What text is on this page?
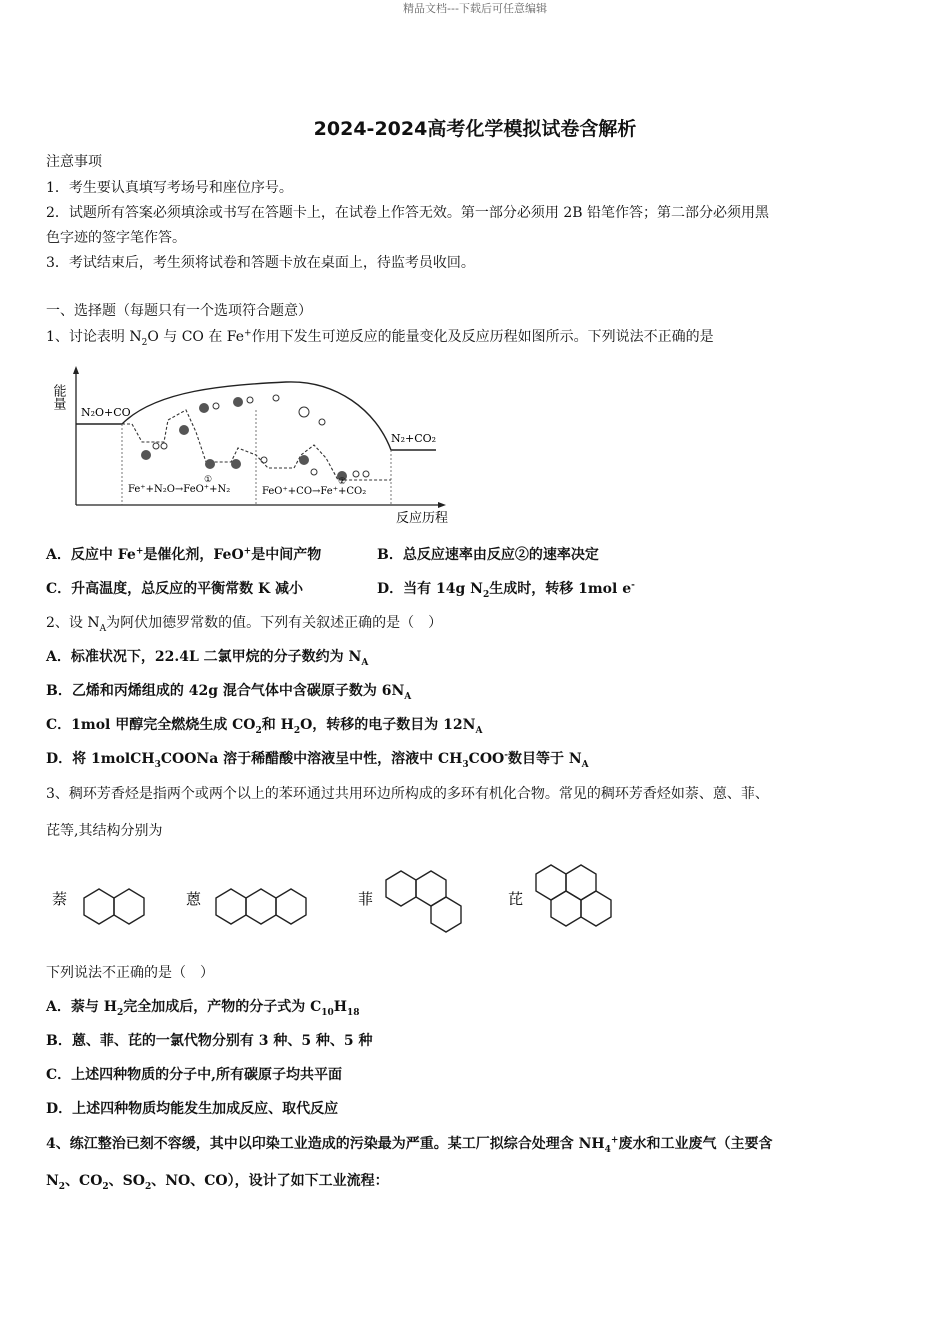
精品文档---下载后可任意编辑
2024-2024高考化学模拟试卷含解析
注意事项
1．考生要认真填写考场号和座位序号。
2．试题所有答案必须填涂或书写在答题卡上，在试卷上作答无效。第一部分必须用 2B 铅笔作答；第二部分必须用黑
色字迹的签字笔作答。
3．考试结束后，考生须将试卷和答题卡放在桌面上，待监考员收回。
一、选择题（每题只有一个选项符合题意）
1、讨论表明 $N_2O$ 与 CO 在 Fe+作用下发生可逆反应的能量变化及反应历程如图所示。下列说法不正确的是
能量
反应历程
N₂O+CO
N₂+CO₂
Fe⁺+N₂O→FeO⁺+N₂
①
FeO⁺+CO→Fe⁺+CO₂
②
A．反应中 Fe+是催化剂，FeO+是中间产物	B．总反应速率由反应②的速率决定
C．升高温度，总反应的平衡常数 K 减小	D．当有 14g $N_2$生成时，转移 1mol e-
2、设 $N_A$为阿伏加德罗常数的值。下列有关叙述正确的是（　）
A．标准状况下，22.4L 二氯甲烷的分子数约为 $N_A$
B．乙烯和丙烯组成的 42g 混合气体中含碳原子数为 $6N_A$
C．1mol 甲醇完全燃烧生成 $CO_2$和 $H_2O$，转移的电子数目为 $12N_A$
D．将 1molCH$_3$COONa 溶于稀醋酸中溶液呈中性，溶液中 $CH_3COO^-$数目等于 $N_A$
3、稠环芳香烃是指两个或两个以上的苯环通过共用环边所构成的多环有机化合物。常见的稠环芳香烃如萘、蒽、菲、
芘等,其结构分别为
萘	蒽	菲	芘
下列说法不正确的是（　）
A．萘与 $H_2$完全加成后，产物的分子式为 $C_{10}H_{18}$
B．蒽、菲、芘的一氯代物分别有 3 种、5 种、5 种
C．上述四种物质的分子中,所有碳原子均共平面
D．上述四种物质均能发生加成反应、取代反应
4、练江整治已刻不容缓，其中以印染工业造成的污染最为严重。某工厂拟综合处理含 $NH_4^+$废水和工业废气（主要含
$N_2$、$CO_2$、$SO_2$、NO、CO），设计了如下工业流程：
